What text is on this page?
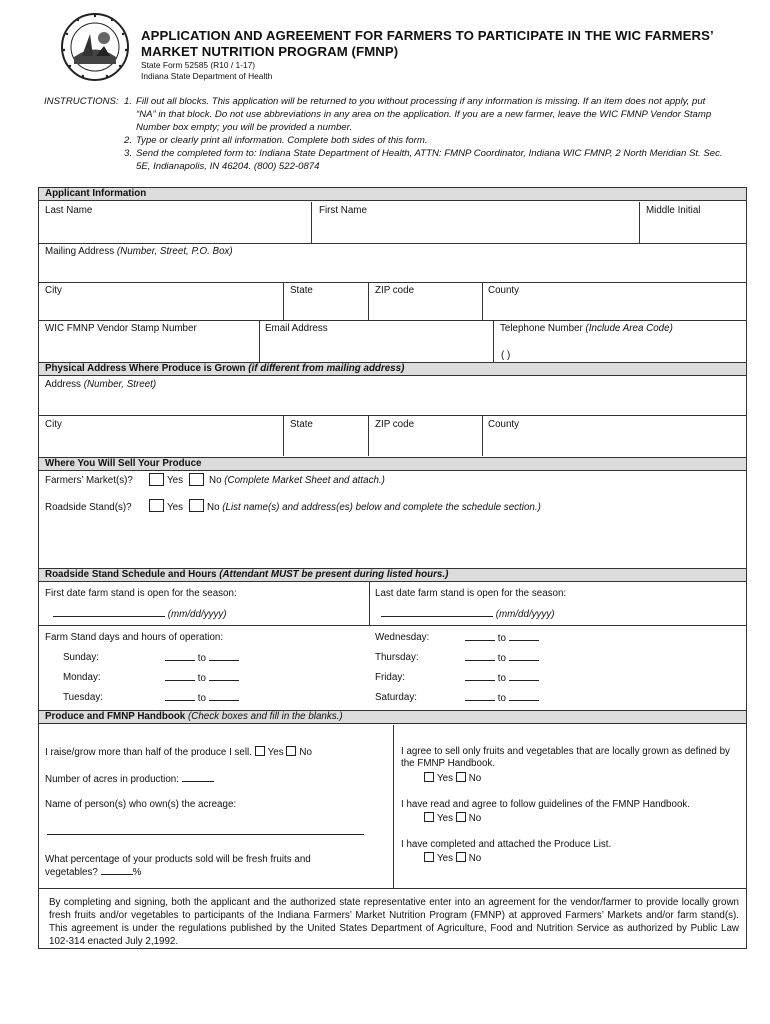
APPLICATION AND AGREEMENT FOR FARMERS TO PARTICIPATE IN THE WIC FARMERS’ MARKET NUTRITION PROGRAM (FMNP)
State Form 52585 (R10 / 1-17)
Indiana State Department of Health
INSTRUCTIONS: 1. Fill out all blocks. This application will be returned to you without processing if any information is missing. If an item does not apply, put “NA” in that block. Do not use abbreviations in any area on the application. If you are a new farmer, leave the WIC FMNP Vendor Stamp Number box empty; you will be provided a number.
2. Type or clearly print all information. Complete both sides of this form.
3. Send the completed form to: Indiana State Department of Health, ATTN: FMNP Coordinator, Indiana WIC FMNP, 2 North Meridian St. Sec. 5E, Indianapolis, IN 46204. (800) 522-0874
Applicant Information
Last Name	First Name	Middle Initial
Mailing Address (Number, Street, P.O. Box)
City	State	ZIP code	County
WIC FMNP Vendor Stamp Number	Email Address	Telephone Number (Include Area Code)
( )
Physical Address Where Produce is Grown (if different from mailing address)
Address (Number, Street)
City	State	ZIP code	County
Where You Will Sell Your Produce
Farmers’ Market(s)?	Yes	No (Complete Market Sheet and attach.)
Roadside Stand(s)?	Yes No (List name(s) and address(es) below and complete the schedule section.)
Roadside Stand Schedule and Hours (Attendant MUST be present during listed hours.)
First date farm stand is open for the season:	Last date farm stand is open for the season:
(mm/dd/yyyy)	(mm/dd/yyyy)
Farm Stand days and hours of operation:
Sunday:	to
Monday:	to
Tuesday:	to
Wednesday:	to
Thursday:	to
Friday:	to
Saturday:	to
Produce and FMNP Handbook (Check boxes and fill in the blanks.)
I raise/grow more than half of the produce I sell. Yes No
Number of acres in production:
Name of person(s) who own(s) the acreage:
What percentage of your products sold will be fresh fruits and vegetables?	%
I agree to sell only fruits and vegetables that are locally grown as defined by the FMNP Handbook.
Yes No
I have read and agree to follow guidelines of the FMNP Handbook.
Yes No
I have completed and attached the Produce List.
Yes No
By completing and signing, both the applicant and the authorized state representative enter into an agreement for the vendor/farmer to provide locally grown fresh fruits and/or vegetables to participants of the Indiana Farmers’ Market Nutrition Program (FMNP) at approved Farmers’ Markets and/or farm stand(s). This agreement is under the regulations published by the United States Department of Agriculture, Food and Nutrition Service as authorized by Public Law 102-314 enacted July 2,1992.
